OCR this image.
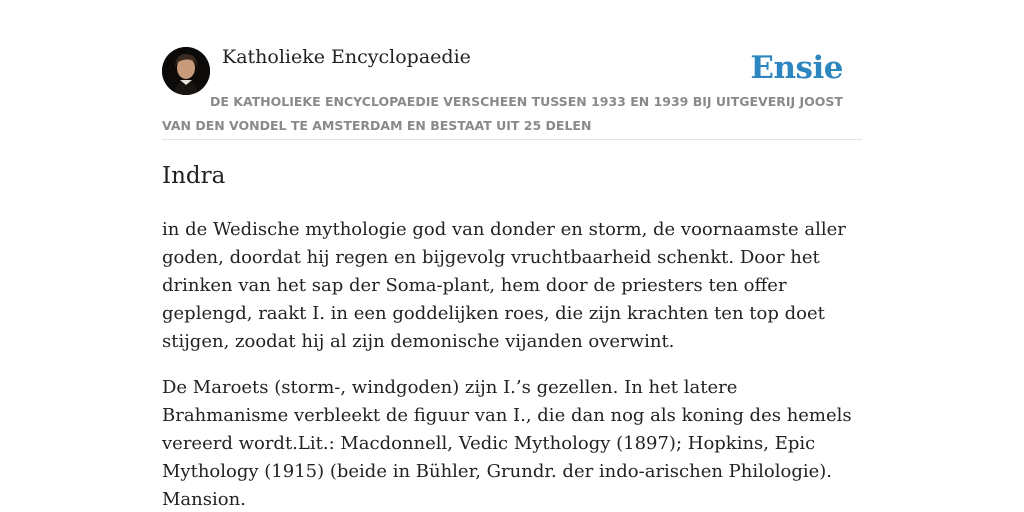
Katholieke Encyclopaedie	Ensie

DE KATHOLIEKE ENCYCLOPAEDIE VERSCHEEN TUSSEN 1933 EN 1939 BIJ UITGEVERIJ JOOST VAN DEN VONDEL TE AMSTERDAM EN BESTAAT UIT 25 DELEN

Indra

in de Wedische mythologie god van donder en storm, de voornaamste aller goden, doordat hij regen en bijgevolg vruchtbaarheid schenkt. Door het drinken van het sap der Soma-plant, hem door de priesters ten offer geplengd, raakt I. in een goddelijken roes, die zijn krachten ten top doet stijgen, zoodat hij al zijn demonische vijanden overwint.

De Maroets (storm-, windgoden) zijn I.’s gezellen. In het latere Brahmanisme verbleekt de figuur van I., die dan nog als koning des hemels vereerd wordt.Lit.: Macdonnell, Vedic Mythology (1897); Hopkins, Epic Mythology (1915) (beide in Bühler, Grundr. der indo-arischen Philologie). Mansion.
